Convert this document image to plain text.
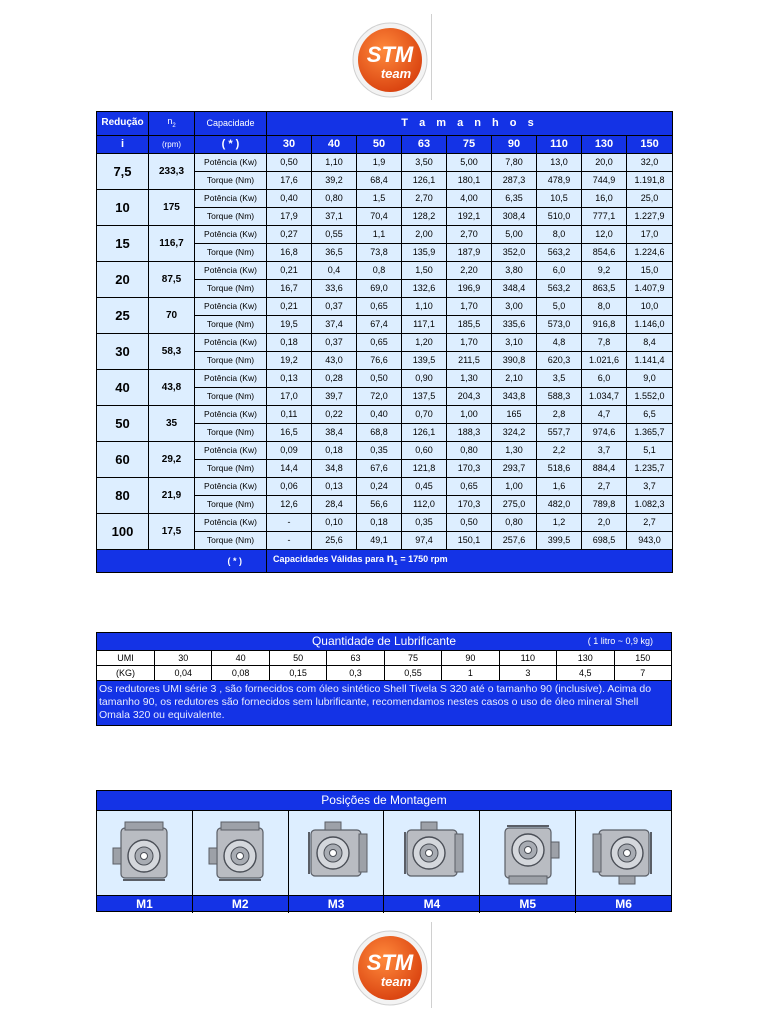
STM
team
Redução	$n_2$	Capacidade	T a m a n h o s								
i	(rpm)	( * )	30	40	50	63	75	90	110	130	150
7,5	233,3	Potência (Kw)	0,50	1,10	1,9	3,50	5,00	7,80	13,0	20,0	32,0
		Torque (Nm)	17,6	39,2	68,4	126,1	180,1	287,3	478,9	744,9	1.191,8
10	175	Potência (Kw)	0,40	0,80	1,5	2,70	4,00	6,35	10,5	16,0	25,0
		Torque (Nm)	17,9	37,1	70,4	128,2	192,1	308,4	510,0	777,1	1.227,9
15	116,7	Potência (Kw)	0,27	0,55	1,1	2,00	2,70	5,00	8,0	12,0	17,0
		Torque (Nm)	16,8	36,5	73,8	135,9	187,9	352,0	563,2	854,6	1.224,6
20	87,5	Potência (Kw)	0,21	0,4	0,8	1,50	2,20	3,80	6,0	9,2	15,0
		Torque (Nm)	16,7	33,6	69,0	132,6	196,9	348,4	563,2	863,5	1.407,9
25	70	Potência (Kw)	0,21	0,37	0,65	1,10	1,70	3,00	5,0	8,0	10,0
		Torque (Nm)	19,5	37,4	67,4	117,1	185,5	335,6	573,0	916,8	1.146,0
30	58,3	Potência (Kw)	0,18	0,37	0,65	1,20	1,70	3,10	4,8	7,8	8,4
		Torque (Nm)	19,2	43,0	76,6	139,5	211,5	390,8	620,3	1.021,6	1.141,4
40	43,8	Potência (Kw)	0,13	0,28	0,50	0,90	1,30	2,10	3,5	6,0	9,0
		Torque (Nm)	17,0	39,7	72,0	137,5	204,3	343,8	588,3	1.034,7	1.552,0
50	35	Potência (Kw)	0,11	0,22	0,40	0,70	1,00	165	2,8	4,7	6,5
		Torque (Nm)	16,5	38,4	68,8	126,1	188,3	324,2	557,7	974,6	1.365,7
60	29,2	Potência (Kw)	0,09	0,18	0,35	0,60	0,80	1,30	2,2	3,7	5,1
		Torque (Nm)	14,4	34,8	67,6	121,8	170,3	293,7	518,6	884,4	1.235,7
80	21,9	Potência (Kw)	0,06	0,13	0,24	0,45	0,65	1,00	1,6	2,7	3,7
		Torque (Nm)	12,6	28,4	56,6	112,0	170,3	275,0	482,0	789,8	1.082,3
100	17,5	Potência (Kw)	-	0,10	0,18	0,35	0,50	0,80	1,2	2,0	2,7
		Torque (Nm)	-	25,6	49,1	97,4	150,1	257,6	399,5	698,5	943,0
( * )			Capacidades Válidas para $n_1 = 1750$ rpm								
Quantidade de Lubrificante ( 1 litro ~ 0,9 kg)									

UMI	30	40	50	63	75	90	110	130	150
(KG)	0,04	0,08	0,15	0,3	0,55	1	3	4,5	7
Os redutores UMI série 3 , são fornecidos com óleo sintético Shell Tivela S 320 até o tamanho 90 (inclusive). Acima do tamanho 90, os redutores são fornecidos sem lubrificante, recomendamos nestes casos o uso de óleo mineral Shell Omala 320 ou equivalente.									
Posições de Montagem
M1	M2	M3	M4	M5	M6
STM
team
